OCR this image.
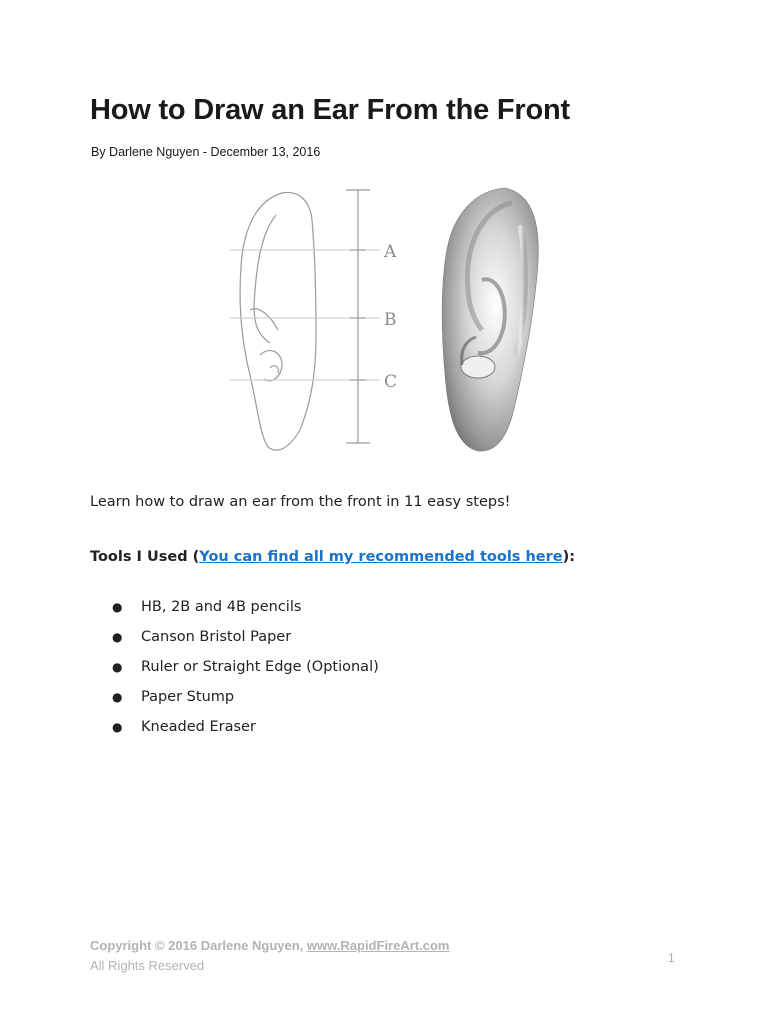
How to Draw an Ear From the Front
By Darlene Nguyen - December 13, 2016
A
B
C
Learn how to draw an ear from the front in 11 easy steps!
Tools I Used (You can find all my recommended tools here):
●	HB, 2B and 4B pencils
●	Canson Bristol Paper
●	Ruler or Straight Edge (Optional)
●	Paper Stump
●	Kneaded Eraser
Copyright © 2016 Darlene Nguyen, www.RapidFireArt.com
All Rights Reserved	1
